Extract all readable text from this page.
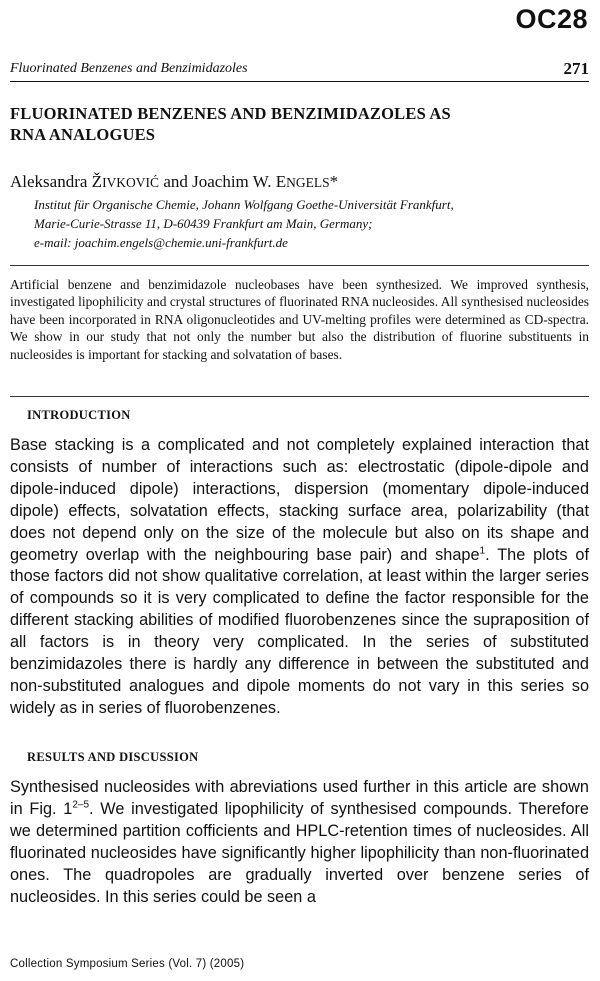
OC28
Fluorinated Benzenes and Benzimidazoles	271
FLUORINATED BENZENES AND BENZIMIDAZOLES AS
RNA ANALOGUES
Aleksandra ŽIVKOVIĆ and Joachim W. ENGELS*
Institut für Organische Chemie, Johann Wolfgang Goethe-Universität Frankfurt,
Marie-Curie-Strasse 11, D-60439 Frankfurt am Main, Germany;
e-mail: joachim.engels@chemie.uni-frankfurt.de
Artificial benzene and benzimidazole nucleobases have been synthesized. We improved synthesis, investigated lipophilicity and crystal structures of fluorinated RNA nucleosides. All synthesised nucleosides have been incorporated in RNA oligonucleotides and UV-melting profiles were determined as CD-spectra. We show in our study that not only the number but also the distribution of fluorine substituents in nucleosides is important for stacking and solvatation of bases.
INTRODUCTION
Base stacking is a complicated and not completely explained interaction that consists of number of interactions such as: electrostatic (dipole-dipole and dipole-induced dipole) interactions, dispersion (momentary dipole-induced dipole) effects, solvatation effects, stacking surface area, polarizability (that does not depend only on the size of the molecule but also on its shape and geometry overlap with the neighbouring base pair) and shape$^1$. The plots of those factors did not show qualitative correlation, at least within the larger series of compounds so it is very complicated to define the factor responsible for the different stacking abilities of modified fluorobenzenes since the supraposition of all factors is in theory very complicated. In the series of substituted benzimidazoles there is hardly any difference in between the substituted and non-substituted analogues and dipole moments do not vary in this series so widely as in series of fluorobenzenes.
RESULTS AND DISCUSSION
Synthesised nucleosides with abreviations used further in this article are shown in Fig. 1$^{2-5}$. We investigated lipophilicity of synthesised compounds. Therefore we determined partition cofficients and HPLC-retention times of nucleosides. All fluorinated nucleosides have significantly higher lipophilicity than non-fluorinated ones. The quadropoles are gradually inverted over benzene series of nucleosides. In this series could be seen a
Collection Symposium Series (Vol. 7) (2005)
